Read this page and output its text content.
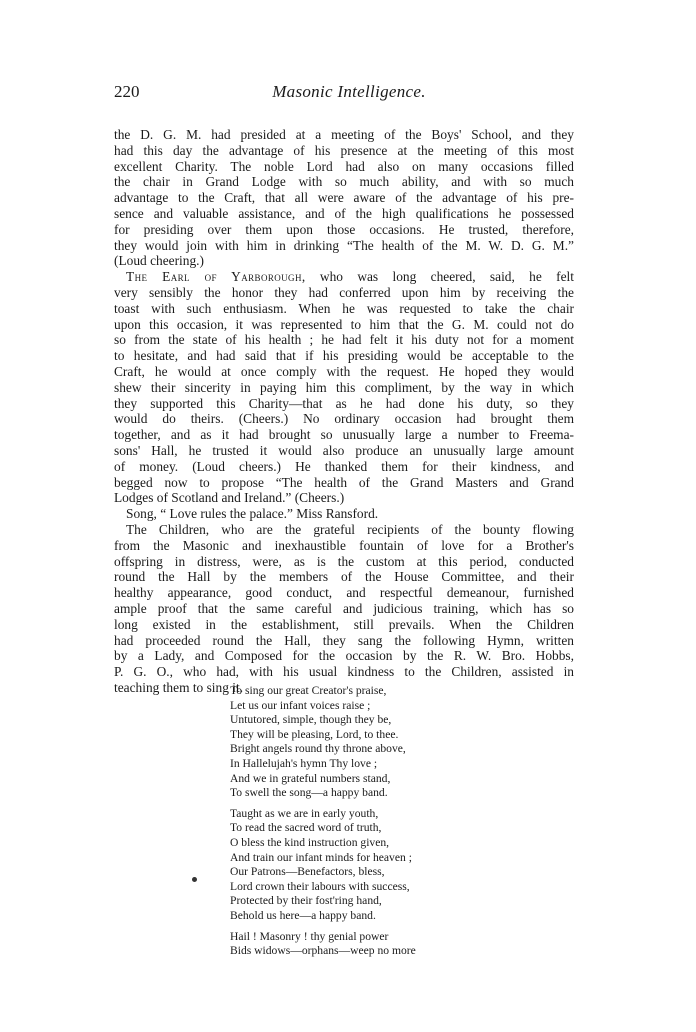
220	Masonic Intelligence.
the D. G. M. had presided at a meeting of the Boys' School, and they
had this day the advantage of his presence at the meeting of this most
excellent Charity. The noble Lord had also on many occasions filled
the chair in Grand Lodge with so much ability, and with so much
advantage to the Craft, that all were aware of the advantage of his pre-
sence and valuable assistance, and of the high qualifications he possessed
for presiding over them upon those occasions. He trusted, therefore,
they would join with him in drinking “The health of the M. W. D. G. M.”
(Loud cheering.)
The Earl of Yarborough, who was long cheered, said, he felt
very sensibly the honor they had conferred upon him by receiving the
toast with such enthusiasm. When he was requested to take the chair
upon this occasion, it was represented to him that the G. M. could not do
so from the state of his health ; he had felt it his duty not for a moment
to hesitate, and had said that if his presiding would be acceptable to the
Craft, he would at once comply with the request. He hoped they would
shew their sincerity in paying him this compliment, by the way in which
they supported this Charity—that as he had done his duty, so they
would do theirs. (Cheers.) No ordinary occasion had brought them
together, and as it had brought so unusually large a number to Freema-
sons' Hall, he trusted it would also produce an unusually large amount
of money. (Loud cheers.) He thanked them for their kindness, and
begged now to propose “The health of the Grand Masters and Grand
Lodges of Scotland and Ireland.” (Cheers.)
Song, “ Love rules the palace.” Miss Ransford.
The Children, who are the grateful recipients of the bounty flowing
from the Masonic and inexhaustible fountain of love for a Brother's
offspring in distress, were, as is the custom at this period, conducted
round the Hall by the members of the House Committee, and their
healthy appearance, good conduct, and respectful demeanour, furnished
ample proof that the same careful and judicious training, which has so
long existed in the establishment, still prevails. When the Children
had proceeded round the Hall, they sang the following Hymn, written
by a Lady, and Composed for the occasion by the R. W. Bro. Hobbs,
P. G. O., who had, with his usual kindness to the Children, assisted in
teaching them to sing it.
To sing our great Creator's praise,
Let us our infant voices raise ;
Untutored, simple, though they be,
They will be pleasing, Lord, to thee.
Bright angels round thy throne above,
In Hallelujah's hymn Thy love ;
And we in grateful numbers stand,
To swell the song—a happy band.
Taught as we are in early youth,
To read the sacred word of truth,
O bless the kind instruction given,
And train our infant minds for heaven ;
Our Patrons—Benefactors, bless,
Lord crown their labours with success,
Protected by their fost'ring hand,
Behold us here—a happy band.
Hail ! Masonry ! thy genial power
Bids widows—orphans—weep no more
